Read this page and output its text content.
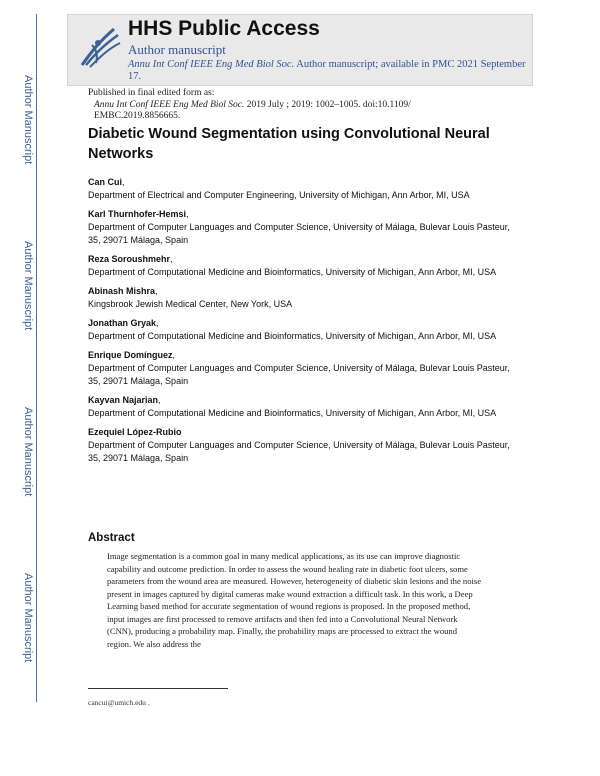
Author Manuscript
Author Manuscript
Author Manuscript
Author Manuscript
HHS Public Access
Author manuscript
Annu Int Conf IEEE Eng Med Biol Soc. Author manuscript; available in PMC 2021 September 17.
Published in final edited form as:
Annu Int Conf IEEE Eng Med Biol Soc. 2019 July ; 2019: 1002–1005. doi:10.1109/ EMBC.2019.8856665.
Diabetic Wound Segmentation using Convolutional Neural Networks
Can Cui,
Department of Electrical and Computer Engineering, University of Michigan, Ann Arbor, MI, USA
Karl Thurnhofer-Hemsi,
Department of Computer Languages and Computer Science, University of Málaga, Bulevar Louis Pasteur, 35, 29071 Málaga, Spain
Reza Soroushmehr,
Department of Computational Medicine and Bioinformatics, University of Michigan, Ann Arbor, MI, USA
Abinash Mishra,
Kingsbrook Jewish Medical Center, New York, USA
Jonathan Gryak,
Department of Computational Medicine and Bioinformatics, University of Michigan, Ann Arbor, MI, USA
Enrique Domínguez,
Department of Computer Languages and Computer Science, University of Málaga, Bulevar Louis Pasteur, 35, 29071 Málaga, Spain
Kayvan Najarian,
Department of Computational Medicine and Bioinformatics, University of Michigan, Ann Arbor, MI, USA
Ezequiel López-Rubio
Department of Computer Languages and Computer Science, University of Málaga, Bulevar Louis Pasteur, 35, 29071 Málaga, Spain
Abstract
Image segmentation is a common goal in many medical applications, as its use can improve diagnostic capability and outcome prediction. In order to assess the wound healing rate in diabetic foot ulcers, some parameters from the wound area are measured. However, heterogeneity of diabetic skin lesions and the noise present in images captured by digital cameras make wound extraction a difficult task. In this work, a Deep Learning based method for accurate segmentation of wound regions is proposed. In the proposed method, input images are first processed to remove artifacts and then fed into a Convolutional Neural Network (CNN), producing a probability map. Finally, the probability maps are processed to extract the wound region. We also address the
cancui@umich.edu .
